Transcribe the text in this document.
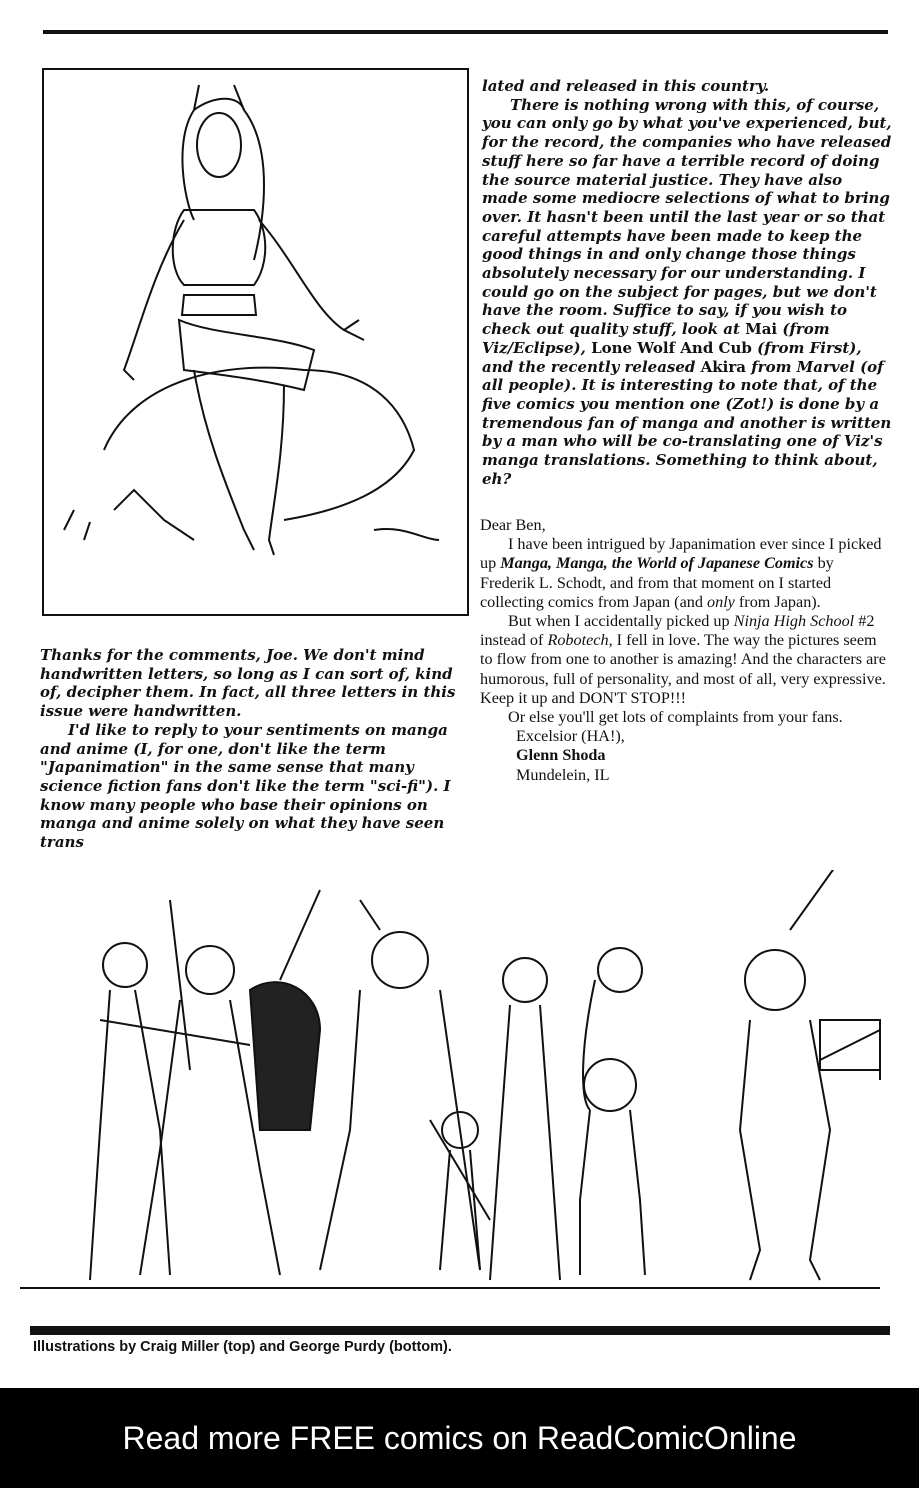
lated and released in this country.

There is nothing wrong with this, of course, you can only go by what you've experienced, but, for the record, the companies who have released stuff here so far have a terrible record of doing the source material justice. They have also made some mediocre selections of what to bring over. It hasn't been until the last year or so that careful attempts have been made to keep the good things in and only change those things absolutely necessary for our understanding. I could go on the subject for pages, but we don't have the room. Suffice to say, if you wish to check out quality stuff, look at Mai (from Viz/Eclipse), Lone Wolf And Cub (from First), and the recently released Akira from Marvel (of all people). It is interesting to note that, of the five comics you mention one (Zot!) is done by a tremendous fan of manga and another is written by a man who will be co-translating one of Viz's manga translations. Something to think about, eh?

Thanks for the comments, Joe. We don't mind handwritten letters, so long as I can sort of, kind of, decipher them. In fact, all three letters in this issue were handwritten.

I'd like to reply to your sentiments on manga and anime (I, for one, don't like the term "Japanimation" in the same sense that many science fiction fans don't like the term "sci-fi"). I know many people who base their opinions on manga and anime solely on what they have seen trans

Dear Ben,

I have been intrigued by Japanimation ever since I picked up Manga, Manga, the World of Japanese Comics by Frederik L. Schodt, and from that moment on I started collecting comics from Japan (and only from Japan).

But when I accidentally picked up Ninja High School #2 instead of Robotech, I fell in love. The way the pictures seem to flow from one to another is amazing! And the characters are humorous, full of personality, and most of all, very expressive. Keep it up and DON'T STOP!!!

Or else you'll get lots of complaints from your fans.

Excelsior (HA!),

Glenn Shoda

Mundelein, IL

Illustrations by Craig Miller (top) and George Purdy (bottom).
Read more FREE comics on ReadComicOnline
